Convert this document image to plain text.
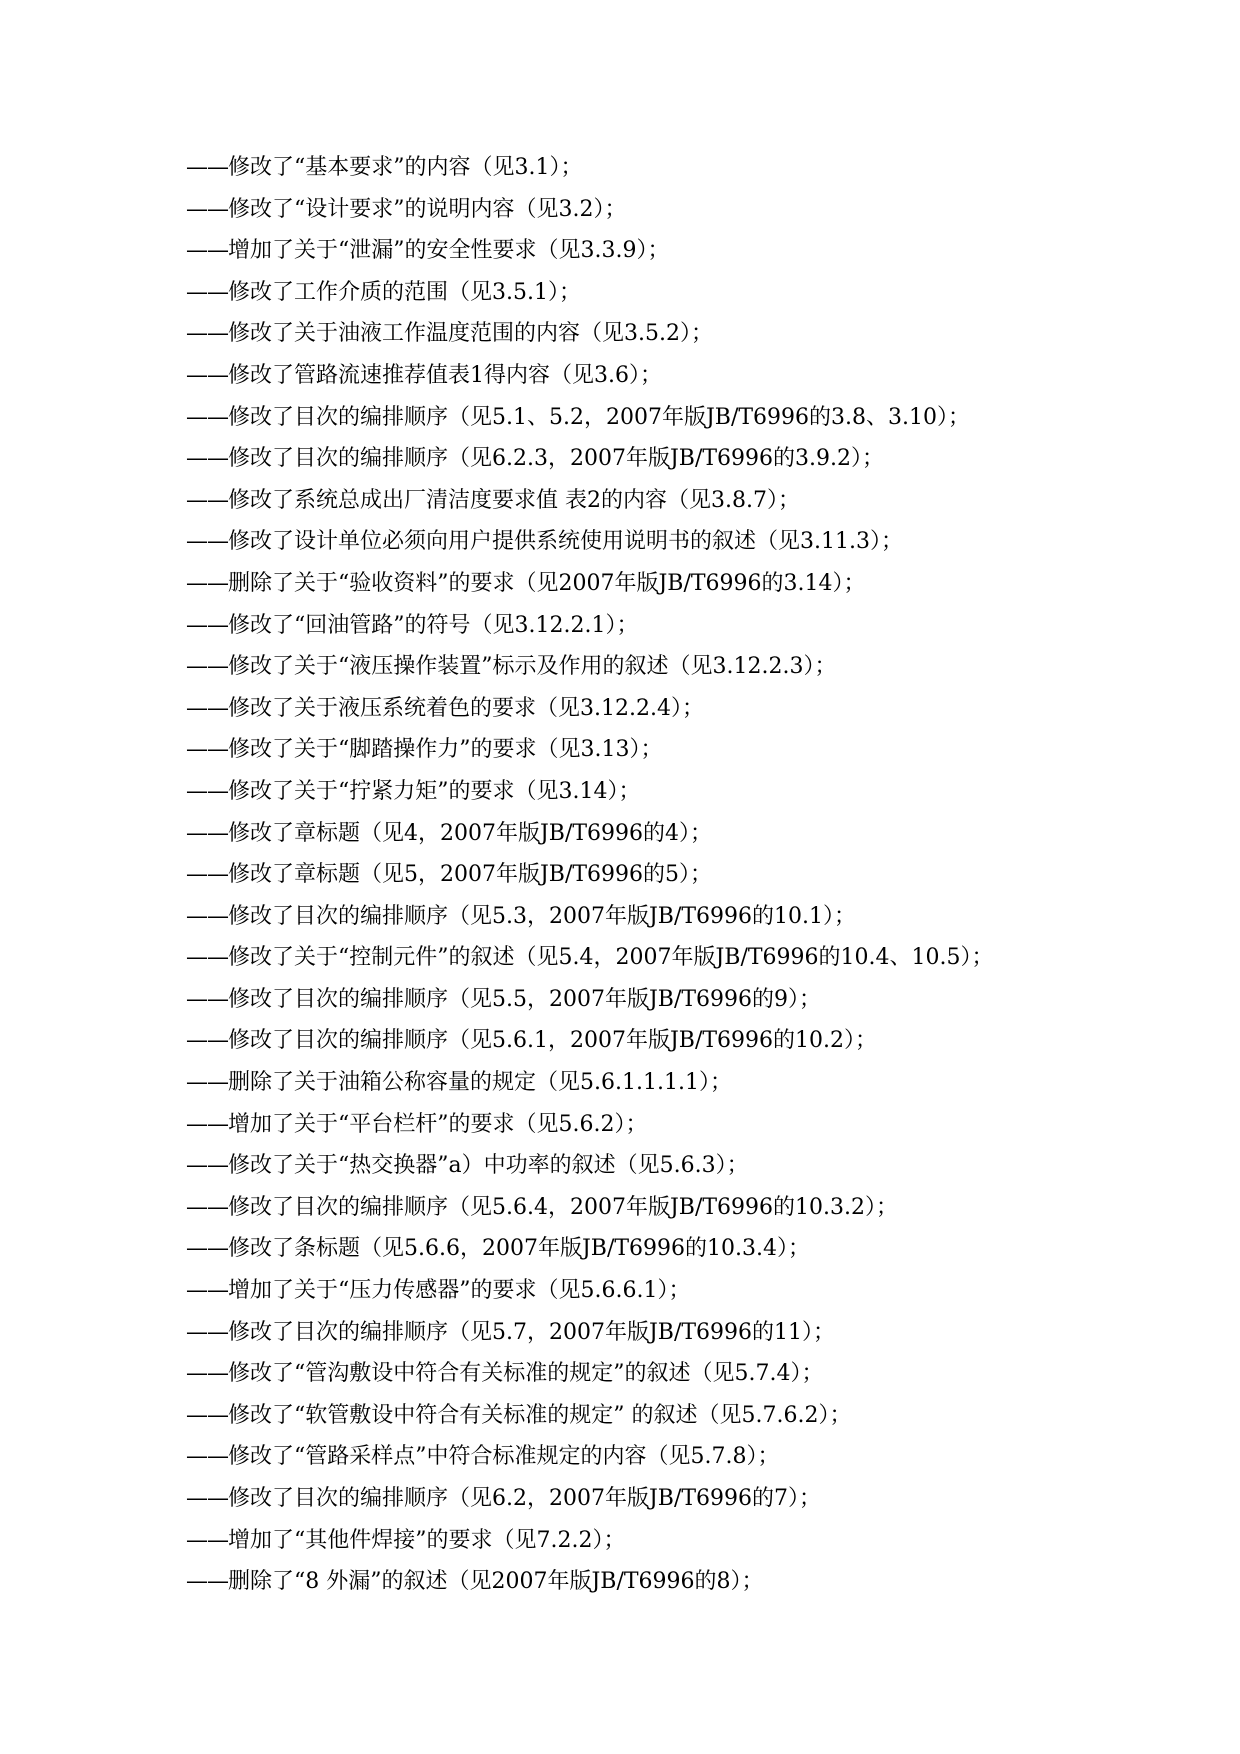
——修改了“基本要求”的内容（见3.1）；
——修改了“设计要求”的说明内容（见3.2）；
——增加了关于“泄漏”的安全性要求（见3.3.9）；
——修改了工作介质的范围（见3.5.1）；
——修改了关于油液工作温度范围的内容（见3.5.2）；
——修改了管路流速推荐值表1得内容（见3.6）；
——修改了目次的编排顺序（见5.1、5.2，2007年版JB/T6996的3.8、3.10）；
——修改了目次的编排顺序（见6.2.3，2007年版JB/T6996的3.9.2）；
——修改了系统总成出厂清洁度要求值 表2的内容（见3.8.7）；
——修改了设计单位必须向用户提供系统使用说明书的叙述（见3.11.3）；
——删除了关于“验收资料”的要求（见2007年版JB/T6996的3.14）；
——修改了“回油管路”的符号（见3.12.2.1）；
——修改了关于“液压操作装置”标示及作用的叙述（见3.12.2.3）；
——修改了关于液压系统着色的要求（见3.12.2.4）；
——修改了关于“脚踏操作力”的要求（见3.13）；
——修改了关于“拧紧力矩”的要求（见3.14）；
——修改了章标题（见4，2007年版JB/T6996的4）；
——修改了章标题（见5，2007年版JB/T6996的5）；
——修改了目次的编排顺序（见5.3，2007年版JB/T6996的10.1）；
——修改了关于“控制元件”的叙述（见5.4，2007年版JB/T6996的10.4、10.5）；
——修改了目次的编排顺序（见5.5，2007年版JB/T6996的9）；
——修改了目次的编排顺序（见5.6.1，2007年版JB/T6996的10.2）；
——删除了关于油箱公称容量的规定（见5.6.1.1.1.1）；
——增加了关于“平台栏杆”的要求（见5.6.2）；
——修改了关于“热交换器”a）中功率的叙述（见5.6.3）；
——修改了目次的编排顺序（见5.6.4，2007年版JB/T6996的10.3.2）；
——修改了条标题（见5.6.6，2007年版JB/T6996的10.3.4）；
——增加了关于“压力传感器”的要求（见5.6.6.1）；
——修改了目次的编排顺序（见5.7，2007年版JB/T6996的11）；
——修改了“管沟敷设中符合有关标准的规定”的叙述（见5.7.4）；
——修改了“软管敷设中符合有关标准的规定” 的叙述（见5.7.6.2）；
——修改了“管路采样点”中符合标准规定的内容（见5.7.8）；
——修改了目次的编排顺序（见6.2，2007年版JB/T6996的7）；
——增加了“其他件焊接”的要求（见7.2.2）；
——删除了“8 外漏”的叙述（见2007年版JB/T6996的8）；
